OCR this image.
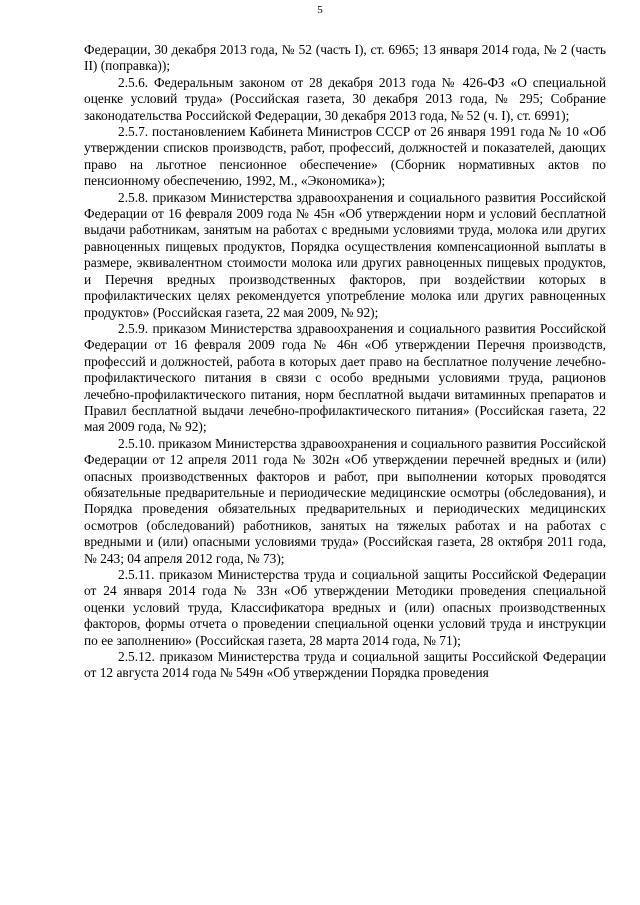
5

Федерации, 30 декабря 2013 года, № 52 (часть I), ст. 6965; 13 января 2014 года, № 2 (часть II) (поправка));

2.5.6. Федеральным законом от 28 декабря 2013 года № 426-ФЗ «О специальной оценке условий труда» (Российская газета, 30 декабря 2013 года, № 295; Собрание законодательства Российской Федерации, 30 декабря 2013 года, № 52 (ч. I), ст. 6991);

2.5.7. постановлением Кабинета Министров СССР от 26 января 1991 года № 10 «Об утверждении списков производств, работ, профессий, должностей и показателей, дающих право на льготное пенсионное обеспечение» (Сборник нормативных актов по пенсионному обеспечению, 1992, М., «Экономика»);

2.5.8. приказом Министерства здравоохранения и социального развития Российской Федерации от 16 февраля 2009 года № 45н «Об утверждении норм и условий бесплатной выдачи работникам, занятым на работах с вредными условиями труда, молока или других равноценных пищевых продуктов, Порядка осуществления компенсационной выплаты в размере, эквивалентном стоимости молока или других равноценных пищевых продуктов, и Перечня вредных производственных факторов, при воздействии которых в профилактических целях рекомендуется употребление молока или других равноценных продуктов» (Российская газета, 22 мая 2009, № 92);

2.5.9. приказом Министерства здравоохранения и социального развития Российской Федерации от 16 февраля 2009 года № 46н «Об утверждении Перечня производств, профессий и должностей, работа в которых дает право на бесплатное получение лечебно-профилактического питания в связи с особо вредными условиями труда, рационов лечебно-профилактического питания, норм бесплатной выдачи витаминных препаратов и Правил бесплатной выдачи лечебно-профилактического питания» (Российская газета, 22 мая 2009 года, № 92);

2.5.10. приказом Министерства здравоохранения и социального развития Российской Федерации от 12 апреля 2011 года № 302н «Об утверждении перечней вредных и (или) опасных производственных факторов и работ, при выполнении которых проводятся обязательные предварительные и периодические медицинские осмотры (обследования), и Порядка проведения обязательных предварительных и периодических медицинских осмотров (обследований) работников, занятых на тяжелых работах и на работах с вредными и (или) опасными условиями труда» (Российская газета, 28 октября 2011 года, № 243; 04 апреля 2012 года, № 73);

2.5.11. приказом Министерства труда и социальной защиты Российской Федерации от 24 января 2014 года № 33н «Об утверждении Методики проведения специальной оценки условий труда, Классификатора вредных и (или) опасных производственных факторов, формы отчета о проведении специальной оценки условий труда и инструкции по ее заполнению» (Российская газета, 28 марта 2014 года, № 71);

2.5.12. приказом Министерства труда и социальной защиты Российской Федерации от 12 августа 2014 года № 549н «Об утверждении Порядка проведения
